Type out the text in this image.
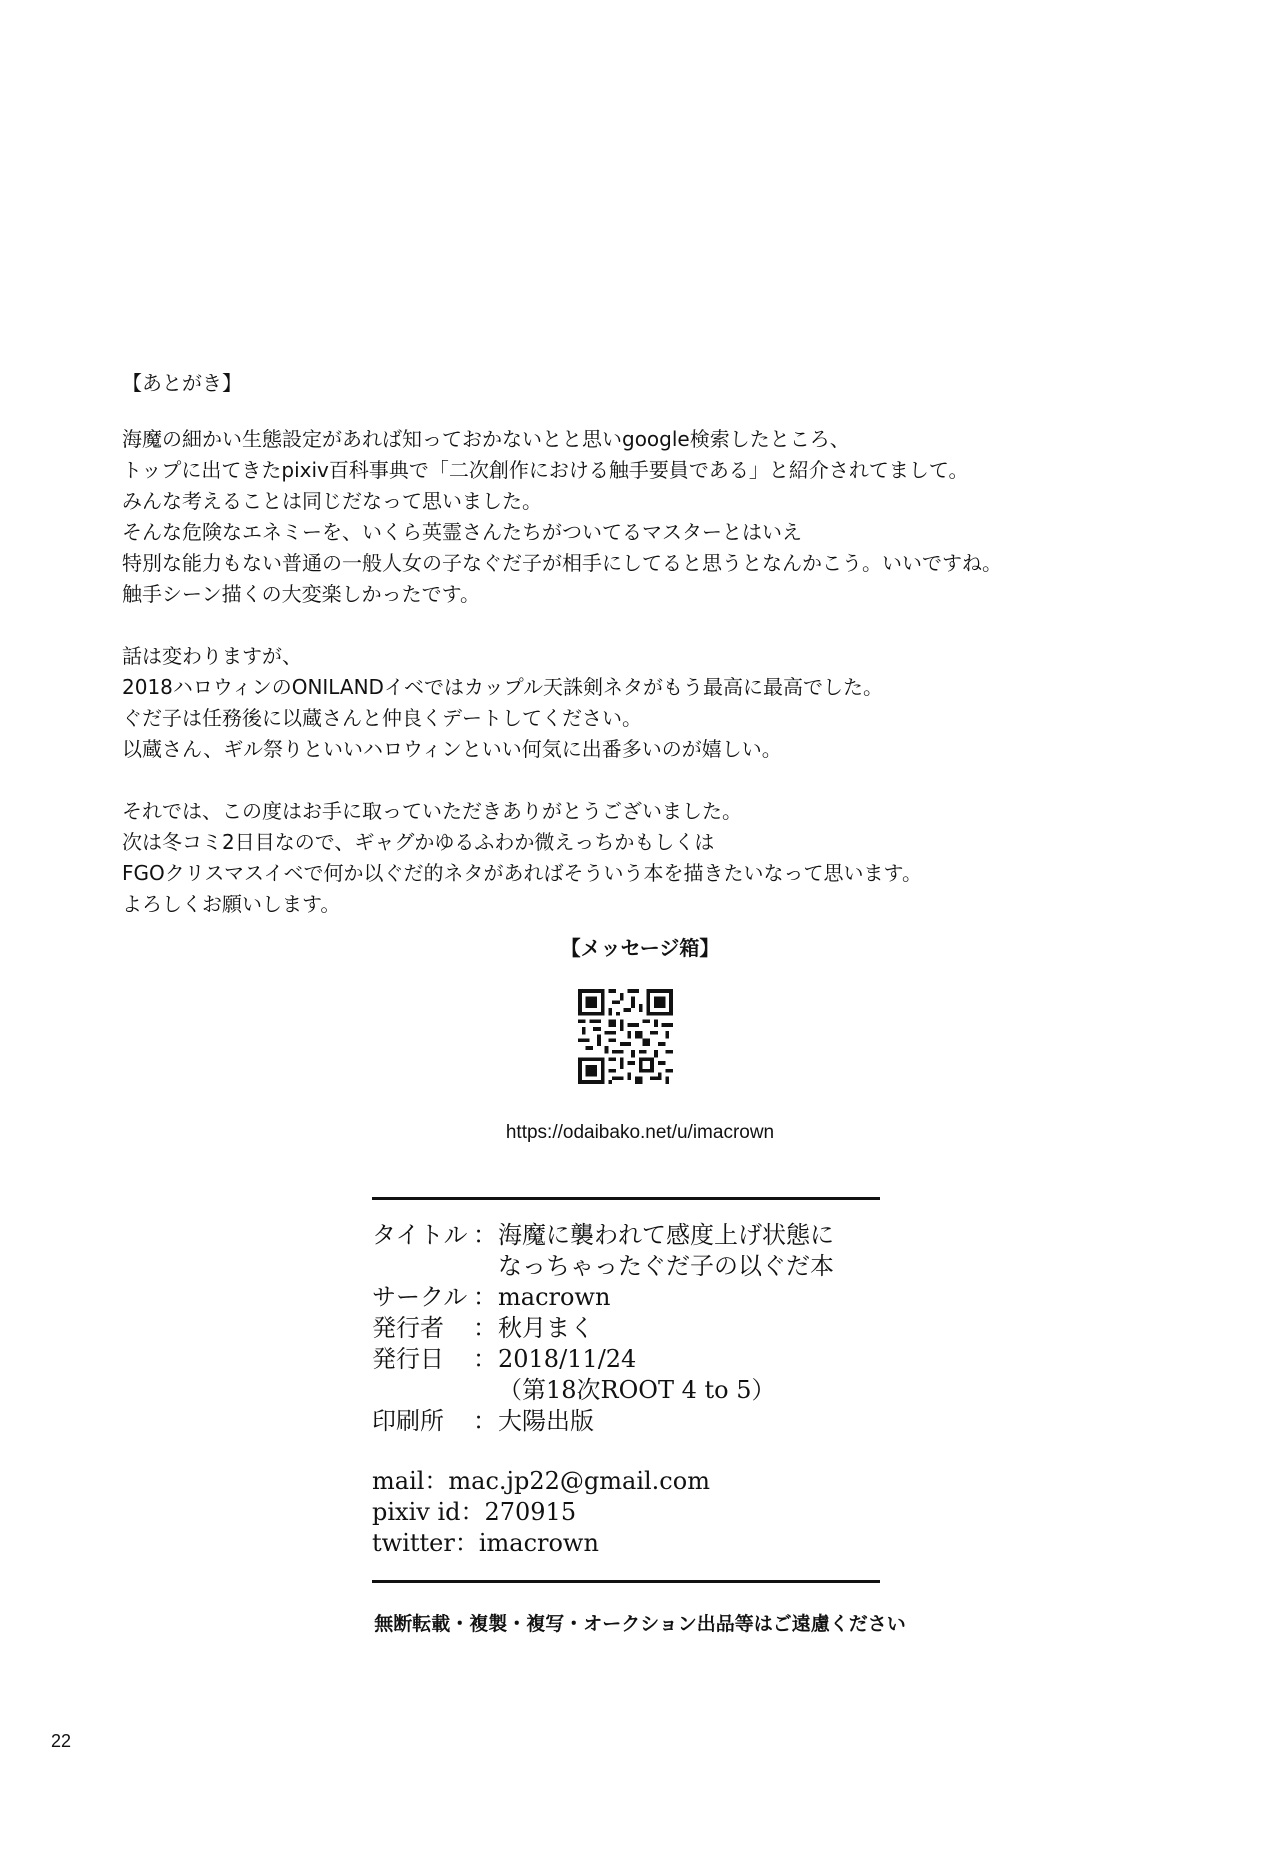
【あとがき】
海魔の細かい生態設定があれば知っておかないとと思いgoogle検索したところ、
トップに出てきたpixiv百科事典で「二次創作における触手要員である」と紹介されてまして。
みんな考えることは同じだなって思いました。
そんな危険なエネミーを、いくら英霊さんたちがついてるマスターとはいえ
特別な能力もない普通の一般人女の子なぐだ子が相手にしてると思うとなんかこう。いいですね。
触手シーン描くの大変楽しかったです。
話は変わりますが、
2018ハロウィンのONILANDイベではカップル天誅剣ネタがもう最高に最高でした。
ぐだ子は任務後に以蔵さんと仲良くデートしてください。
以蔵さん、ギル祭りといいハロウィンといい何気に出番多いのが嬉しい。
それでは、この度はお手に取っていただきありがとうございました。
次は冬コミ2日目なので、ギャグかゆるふわか微えっちかもしくは
FGOクリスマスイベで何か以ぐだ的ネタがあればそういう本を描きたいなって思います。
よろしくお願いします。
【メッセージ箱】
https://odaibako.net/u/imacrown
タイトル ： 海魔に襲われて感度上げ状態に
なっちゃったぐだ子の以ぐだ本
サークル ： macrown
発行者	： 秋月まく
発行日	： 2018/11/24
（第18次ROOT 4 to 5）
印刷所	： 大陽出版
mail：mac.jp22@gmail.com
pixiv id：270915
twitter：imacrown
無断転載・複製・複写・オークション出品等はご遠慮ください
22
